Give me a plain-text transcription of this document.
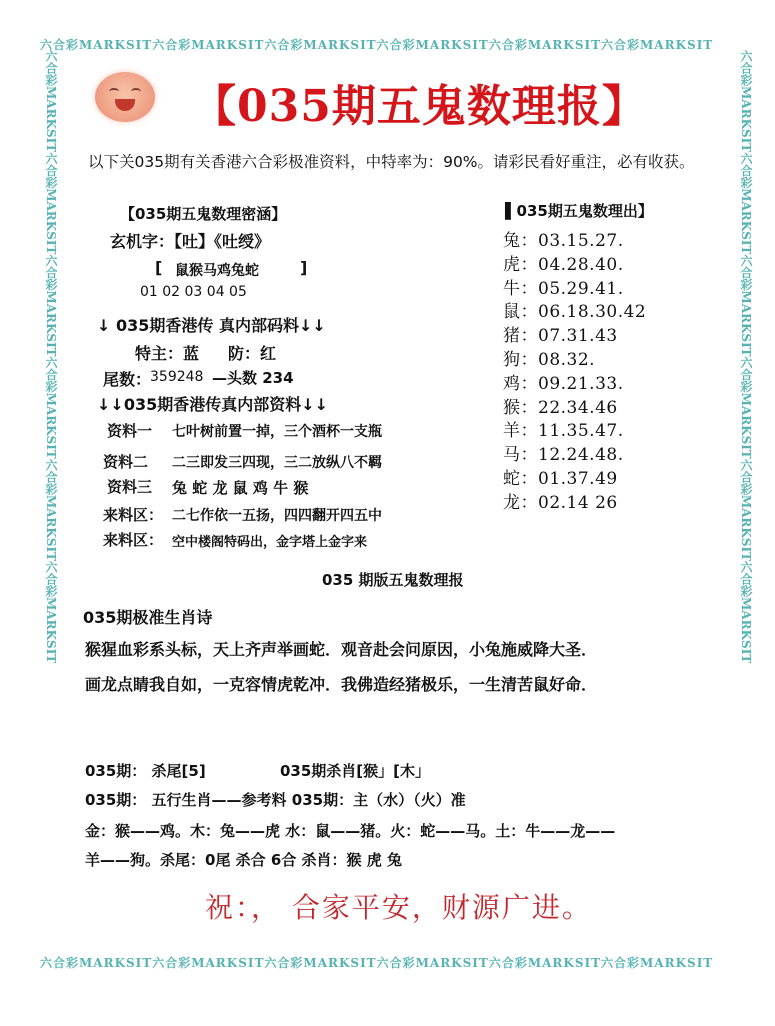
六合彩MARKSIT六合彩MARKSIT六合彩MARKSIT六合彩MARKSIT六合彩MARKSIT六合彩MARKSIT
六合彩MARKSIT六合彩MARKSIT六合彩MARKSIT六合彩MARKSIT六合彩MARKSIT六合彩MARKSIT
六合彩MARKSIT六合彩MARKSIT六合彩MARKSIT六合彩MARKSIT六合彩MARKSIT六合彩MARKSIT	六合彩MARKSIT六合彩MARKSIT六合彩MARKSIT六合彩MARKSIT六合彩MARKSIT六合彩MARKSIT
【035期五鬼数理报】
以下关035期有关香港六合彩极准资料，中特率为：90%。请彩民看好重注，必有收获。
【035期五鬼数理密涵】
玄机字：【吐】《吐绶》
[ 鼠猴马鸡兔蛇	]
01 02 03 04 05
↓ 035期香港传 真内部码料↓↓
特主：蓝 防：红
尾数：
359248 —头数 234
↓↓035期香港传真内部资料↓↓
资料一 七叶树前置一掉，三个酒杯一支瓶
资料二 二三即发三四现，三二放纵八不羁
资料三 兔 蛇 龙 鼠 鸡 牛 猴
来料区： 二七作依一五扬，四四翻开四五中
来料区： 空中楼阁特码出，金字塔上金字来
▌035期五鬼数理出】
兔：03.15.27.
虎：04.28.40.
牛：05.29.41.
鼠：06.18.30.42
猪：07.31.43
狗：08.32.
鸡：09.21.33.
猴：22.34.46
羊：11.35.47.
马：12.24.48.
蛇：01.37.49
龙：02.14 26
035 期版五鬼数理报
035期极准生肖诗
猴猩血彩系头标，天上齐声举画蛇．观音赴会问原因，小兔施威降大圣．
画龙点睛我自如，一克容情虎乾冲．我佛造经猪极乐，一生清苦鼠好命．
035期： 杀尾[5]	035期杀肖[猴」[木」
035期： 五行生肖——参考料 035期：主（水）（火）准
金：猴——鸡。木：兔——虎 水：鼠——猪。火：蛇——马。土：牛——龙——
羊——狗。杀尾：0尾 杀合 6合 杀肖：猴 虎 兔
祝：， 合家平安，财源广进。
